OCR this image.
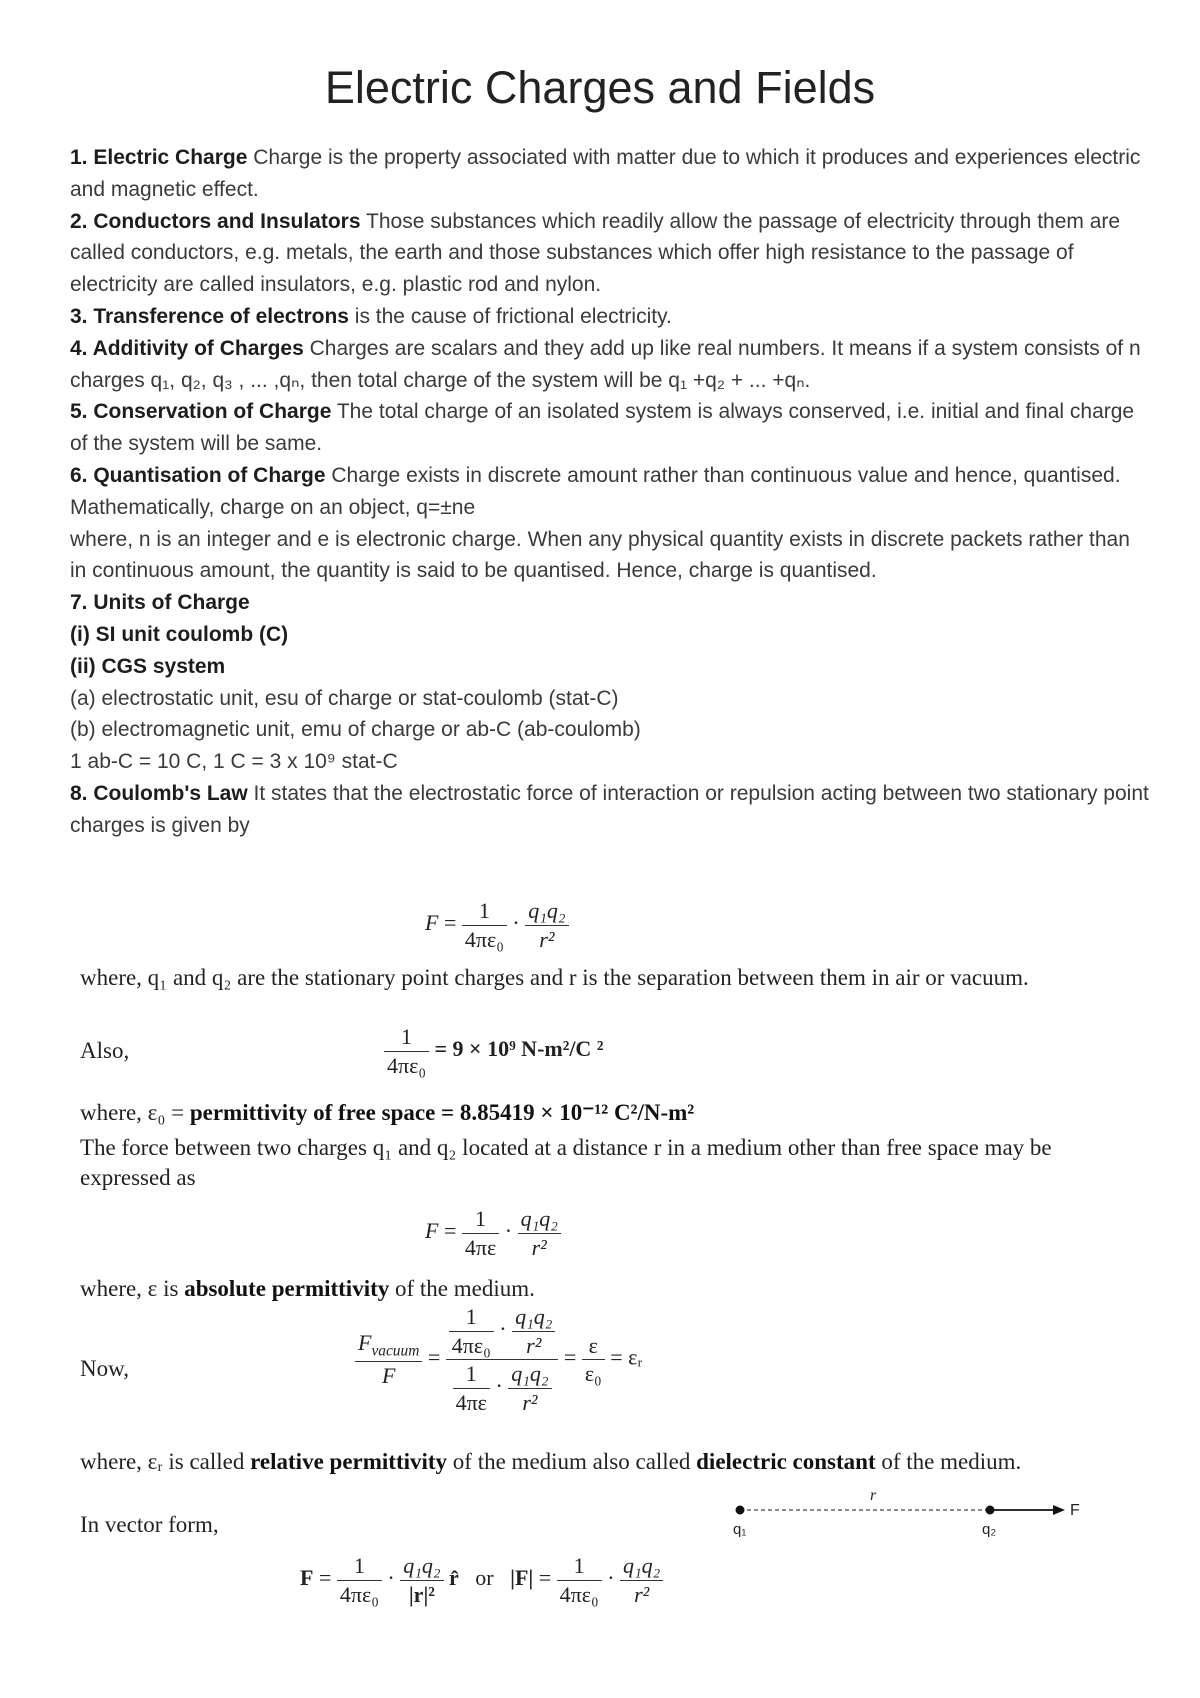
Electric Charges and Fields

1. Electric Charge Charge is the property associated with matter due to which it produces and experiences electric and magnetic effect.

2. Conductors and Insulators Those substances which readily allow the passage of electricity through them are called conductors, e.g. metals, the earth and those substances which offer high resistance to the passage of electricity are called insulators, e.g. plastic rod and nylon.

3. Transference of electrons is the cause of frictional electricity.

4. Additivity of Charges Charges are scalars and they add up like real numbers. It means if a system consists of n charges q₁, q₂, q₃ , ... ,qₙ, then total charge of the system will be q₁ +q₂ + ... +qₙ.

5. Conservation of Charge The total charge of an isolated system is always conserved, i.e. initial and final charge of the system will be same.

6. Quantisation of Charge Charge exists in discrete amount rather than continuous value and hence, quantised.

Mathematically, charge on an object, q=±ne

where, n is an integer and e is electronic charge. When any physical quantity exists in discrete packets rather than in continuous amount, the quantity is said to be quantised. Hence, charge is quantised.

7. Units of Charge

(i) SI unit coulomb (C)

(ii) CGS system

(a) electrostatic unit, esu of charge or stat-coulomb (stat-C)

(b) electromagnetic unit, emu of charge or ab-C (ab-coulomb)

1 ab-C = 10 C, 1 C = 3 x 10⁹ stat-C

8. Coulomb's Law It states that the electrostatic force of interaction or repulsion acting between two stationary point charges is given by

$F = \frac{1}{\text{4πε₀}} \cdot \frac{\text{q₁q₂}}{\text{r²}}$
where, q₁ and q₂ are the stationary point charges and r is the separation between them in air or vacuum.
Also,	$\frac{1}{\text{4πε₀}} = 9 \times 10^9$ N-m²/C ²
where, ε₀ = permittivity of free space = 8.85419 × 10⁻¹² C²/N-m²
The force between two charges q₁ and q₂ located at a distance r in a medium other than free space may be expressed as
$F = \frac{1}{4\pi\varepsilon} \cdot \frac{\text{q₁q₂}}{\text{r²}}$
where, ε is absolute permittivity of the medium.
Now,	$\frac{F_{vacuum}}{F} = \frac{\frac{1}{\text{4πε₀}} \cdot \frac{\text{q₁q₂}}{\text{r²}}}{\frac{1}{4\pi\varepsilon} \cdot \frac{\text{q₁q₂}}{\text{r²}}} = \frac{\varepsilon}{\text{ε₀}}$ = εᵣ
where, εᵣ is called relative permittivity of the medium also called dielectric constant of the medium.
In vector form,
r
q₁	q₂
F
$F = \frac{1}{\text{4πε₀}} \cdot \frac{\text{q₁q₂}}{\text{|r|²}}$ r̂ or $|F| = \frac{1}{\text{4πε₀}} \cdot \frac{\text{q₁q₂}}{\text{r²}}$
